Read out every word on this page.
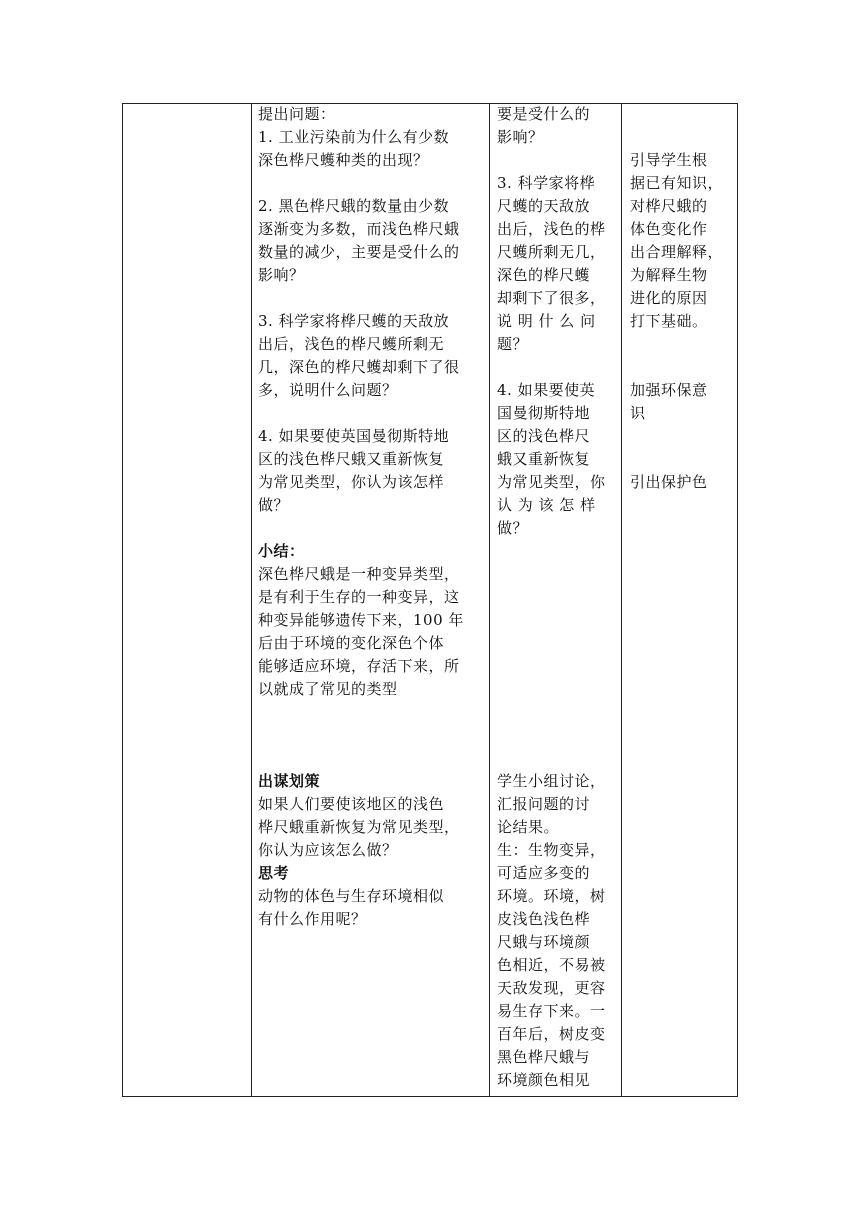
提出问题：

1. 工业污染前为什么有少数
深色桦尺蠖种类的出现？

2. 黑色桦尺蛾的数量由少数
逐渐变为多数，而浅色桦尺蛾
数量的减少，主要是受什么的
影响？

3. 科学家将桦尺蠖的天敌放
出后，浅色的桦尺蠖所剩无
几，深色的桦尺蠖却剩下了很
多，说明什么问题？

4. 如果要使英国曼彻斯特地
区的浅色桦尺蛾又重新恢复
为常见类型，你认为该怎样
做？

小结：

深色桦尺蛾是一种变异类型，
是有利于生存的一种变异，这
种变异能够遗传下来，100 年
后由于环境的变化深色个体
能够适应环境，存活下来，所
以就成了常见的类型

出谋划策

如果人们要使该地区的浅色
桦尺蛾重新恢复为常见类型，
你认为应该怎么做？

思考

动物的体色与生存环境相似
有什么作用呢？

要是受什么的
影响？

3. 科学家将桦
尺蠖的天敌放
出后，浅色的桦
尺蠖所剩无几，
深色的桦尺蠖
却剩下了很多，
说 明 什 么 问
题？

4. 如果要使英
国曼彻斯特地
区的浅色桦尺
蛾又重新恢复
为常见类型，你
认 为 该 怎 样
做？

学生小组讨论，
汇报问题的讨
论结果。
生：生物变异，
可适应多变的
环境。环境，树
皮浅色浅色桦
尺蛾与环境颜
色相近，不易被
天敌发现，更容
易生存下来。一
百年后，树皮变
黑色桦尺蛾与
环境颜色相见

引导学生根
据已有知识，
对桦尺蛾的
体色变化作
出合理解释，
为解释生物
进化的原因
打下基础。

加强环保意
识

引出保护色
